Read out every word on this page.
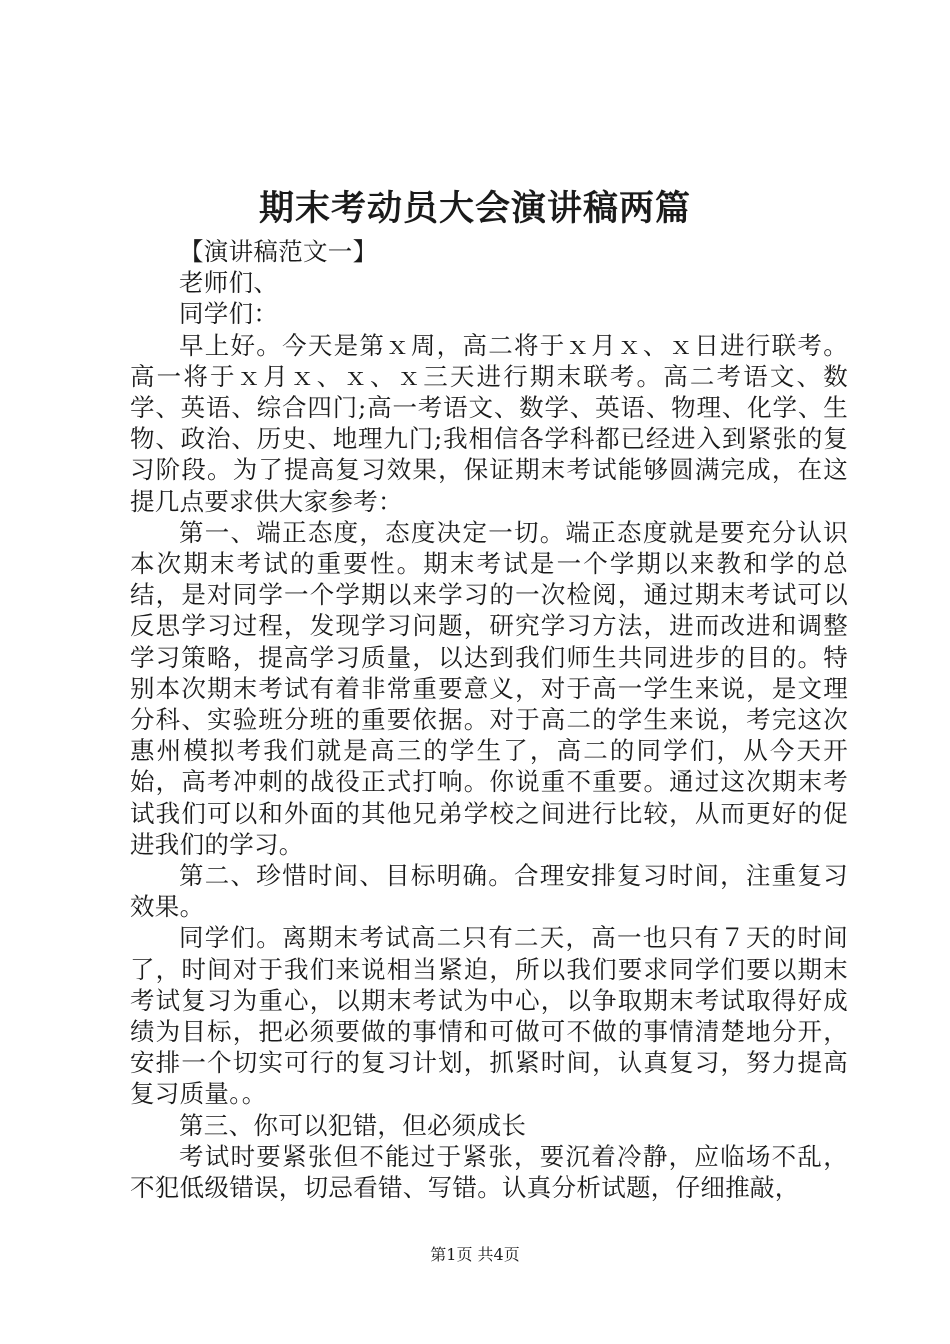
期末考动员大会演讲稿两篇

【演讲稿范文一】

老师们、

同学们：

早上好。今天是第ｘ周，高二将于ｘ月ｘ、ｘ日进行联考。高一将于ｘ月ｘ、ｘ、ｘ三天进行期末联考。高二考语文、数学、英语、综合四门;高一考语文、数学、英语、物理、化学、生物、政治、历史、地理九门;我相信各学科都已经进入到紧张的复习阶段。为了提高复习效果，保证期末考试能够圆满完成，在这提几点要求供大家参考：

第一、端正态度，态度决定一切。端正态度就是要充分认识本次期末考试的重要性。期末考试是一个学期以来教和学的总结，是对同学一个学期以来学习的一次检阅，通过期末考试可以反思学习过程，发现学习问题，研究学习方法，进而改进和调整学习策略，提高学习质量，以达到我们师生共同进步的目的。特别本次期末考试有着非常重要意义，对于高一学生来说，是文理分科、实验班分班的重要依据。对于高二的学生来说，考完这次惠州模拟考我们就是高三的学生了，高二的同学们，从今天开始，高考冲刺的战役正式打响。你说重不重要。通过这次期末考试我们可以和外面的其他兄弟学校之间进行比较，从而更好的促进我们的学习。

第二、珍惜时间、目标明确。合理安排复习时间，注重复习效果。

同学们。离期末考试高二只有二天，高一也只有７天的时间了，时间对于我们来说相当紧迫，所以我们要求同学们要以期末考试复习为重心，以期末考试为中心，以争取期末考试取得好成绩为目标，把必须要做的事情和可做可不做的事情清楚地分开，安排一个切实可行的复习计划，抓紧时间，认真复习，努力提高复习质量。。

第三、你可以犯错，但必须成长

考试时要紧张但不能过于紧张，要沉着冷静，应临场不乱，不犯低级错误，切忌看错、写错。认真分析试题，仔细推敲，

第1页 共4页
